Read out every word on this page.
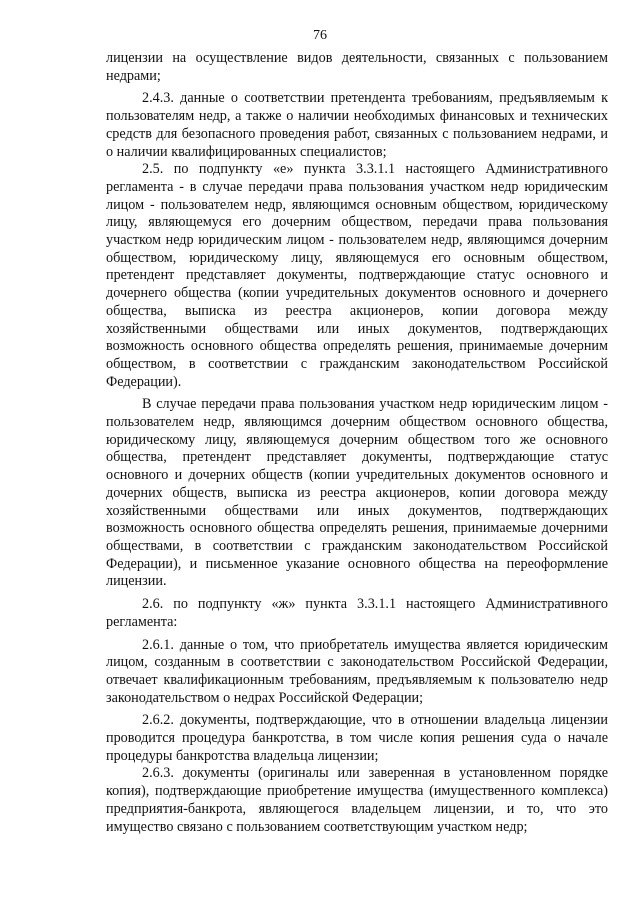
76

лицензии на осуществление видов деятельности, связанных с пользованием недрами;

2.4.3. данные о соответствии претендента требованиям, предъявляемым к пользователям недр, а также о наличии необходимых финансовых и технических средств для безопасного проведения работ, связанных с пользованием недрами, и о наличии квалифицированных специалистов;

2.5. по подпункту «е» пункта 3.3.1.1 настоящего Административного регламента - в случае передачи права пользования участком недр юридическим лицом - пользователем недр, являющимся основным обществом, юридическому лицу, являющемуся его дочерним обществом, передачи права пользования участком недр юридическим лицом - пользователем недр, являющимся дочерним обществом, юридическому лицу, являющемуся его основным обществом, претендент представляет документы, подтверждающие статус основного и дочернего общества (копии учредительных документов основного и дочернего общества, выписка из реестра акционеров, копии договора между хозяйственными обществами или иных документов, подтверждающих возможность основного общества определять решения, принимаемые дочерним обществом, в соответствии с гражданским законодательством Российской Федерации).

В случае передачи права пользования участком недр юридическим лицом - пользователем недр, являющимся дочерним обществом основного общества, юридическому лицу, являющемуся дочерним обществом того же основного общества, претендент представляет документы, подтверждающие статус основного и дочерних обществ (копии учредительных документов основного и дочерних обществ, выписка из реестра акционеров, копии договора между хозяйственными обществами или иных документов, подтверждающих возможность основного общества определять решения, принимаемые дочерними обществами, в соответствии с гражданским законодательством Российской Федерации), и письменное указание основного общества на переоформление лицензии.

2.6. по подпункту «ж» пункта 3.3.1.1 настоящего Административного регламента:

2.6.1. данные о том, что приобретатель имущества является юридическим лицом, созданным в соответствии с законодательством Российской Федерации, отвечает квалификационным требованиям, предъявляемым к пользователю недр законодательством о недрах Российской Федерации;

2.6.2. документы, подтверждающие, что в отношении владельца лицензии проводится процедура банкротства, в том числе копия решения суда о начале процедуры банкротства владельца лицензии;

2.6.3. документы (оригиналы или заверенная в установленном порядке копия), подтверждающие приобретение имущества (имущественного комплекса) предприятия-банкрота, являющегося владельцем лицензии, и то, что это имущество связано с пользованием соответствующим участком недр;
